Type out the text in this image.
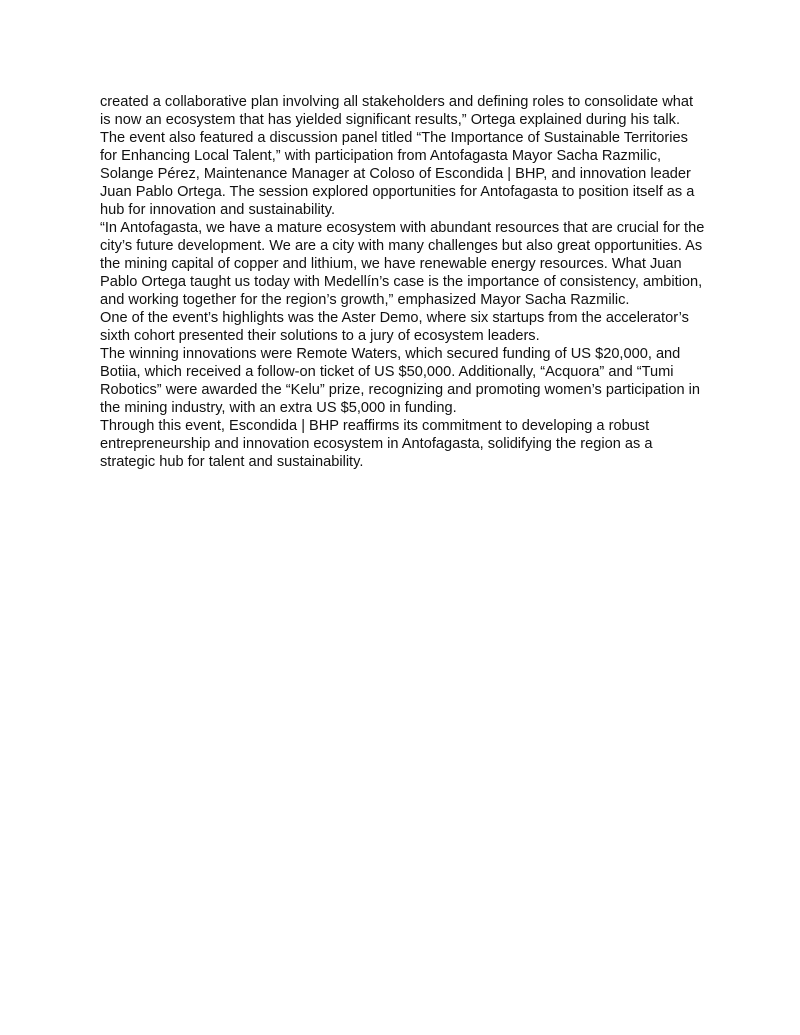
created a collaborative plan involving all stakeholders and defining roles to consolidate what is now an ecosystem that has yielded significant results,” Ortega explained during his talk.

The event also featured a discussion panel titled “The Importance of Sustainable Territories for Enhancing Local Talent,” with participation from Antofagasta Mayor Sacha Razmilic, Solange Pérez, Maintenance Manager at Coloso of Escondida | BHP, and innovation leader Juan Pablo Ortega. The session explored opportunities for Antofagasta to position itself as a hub for innovation and sustainability.

“In Antofagasta, we have a mature ecosystem with abundant resources that are crucial for the city’s future development. We are a city with many challenges but also great opportunities. As the mining capital of copper and lithium, we have renewable energy resources. What Juan Pablo Ortega taught us today with Medellín’s case is the importance of consistency, ambition, and working together for the region’s growth,” emphasized Mayor Sacha Razmilic.

One of the event’s highlights was the Aster Demo, where six startups from the accelerator’s sixth cohort presented their solutions to a jury of ecosystem leaders.

The winning innovations were Remote Waters, which secured funding of US $20,000, and Botiia, which received a follow-on ticket of US $50,000. Additionally, “Acquora” and “Tumi Robotics” were awarded the “Kelu” prize, recognizing and promoting women’s participation in the mining industry, with an extra US $5,000 in funding.

Through this event, Escondida | BHP reaffirms its commitment to developing a robust entrepreneurship and innovation ecosystem in Antofagasta, solidifying the region as a strategic hub for talent and sustainability.
